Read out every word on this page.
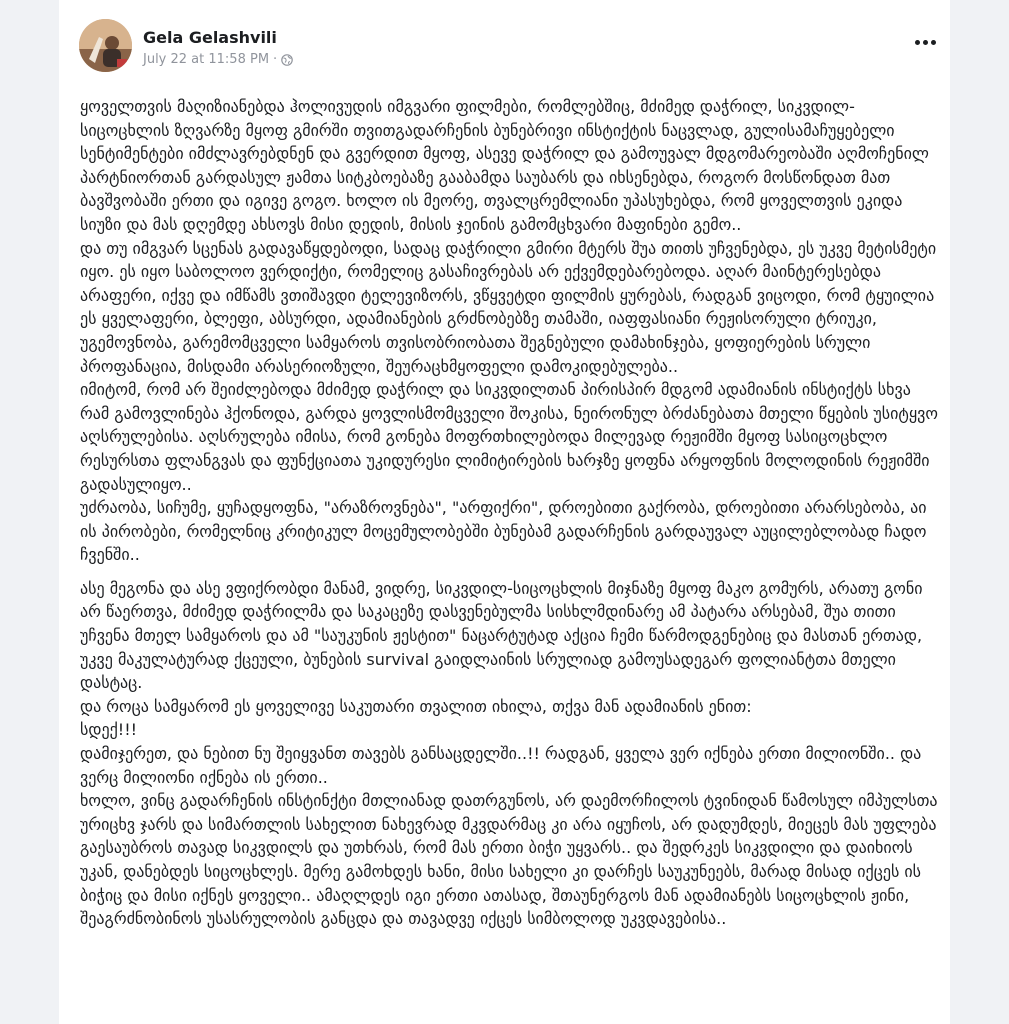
Gela Gelashvili
July 22 at 11:58 PM ·

ყოველთვის მაღიზიანებდა ჰოლივუდის იმგვარი ფილმები, რომლებშიც, მძიმედ დაჭრილ, სიკვდილ-სიცოცხლის ზღვარზე მყოფ გმირში თვითგადარჩენის ბუნებრივი ინსტიქტის ნაცვლად, გულისამაჩუყებელი სენტიმენტები იმძლავრებდნენ და გვერდით მყოფ, ასევე დაჭრილ და გამოუვალ მდგომარეობაში აღმოჩენილ პარტნიორთან გარდასულ ჟამთა სიტკბოებაზე გააბამდა საუბარს და იხსენებდა, როგორ მოსწონდათ მათ ბავშვობაში ერთი და იგივე გოგო. ხოლო ის მეორე, თვალცრემლიანი უპასუხებდა, რომ ყოველთვის ეკიდა სიუზი და მას დღემდე ახსოვს მისი დედის, მისის ჯეინის გამომცხვარი მაფინები გემო..
და თუ იმგვარ სცენას გადავაწყდებოდი, სადაც დაჭრილი გმირი მტერს შუა თითს უჩვენებდა, ეს უკვე მეტისმეტი იყო. ეს იყო საბოლოო ვერდიქტი, რომელიც გასაჩივრებას არ ექვემდებარებოდა. აღარ მაინტერესებდა არაფერი, იქვე და იმწამს ვთიშავდი ტელევიზორს, ვწყვეტდი ფილმის ყურებას, რადგან ვიცოდი, რომ ტყუილია ეს ყველაფერი, ბლეფი, აბსურდი, ადამიანების გრძნობებზე თამაში, იაფფასიანი რეჟისორული ტრიუკი, უგემოვნობა, გარემომცველი სამყაროს თვისობრიობათა შეგნებული დამახინჯება, ყოფიერების სრული პროფანაცია, მისდამი არასერიოზული, შეურაცხმყოფელი დამოკიდებულება..
იმიტომ, რომ არ შეიძლებოდა მძიმედ დაჭრილ და სიკვდილთან პირისპირ მდგომ ადამიანის ინსტიქტს სხვა რამ გამოვლინება ჰქონოდა, გარდა ყოვლისმომცველი შოკისა, ნეირონულ ბრძანებათა მთელი წყების უსიტყვო აღსრულებისა. აღსრულება იმისა, რომ გონება მოფრთხილებოდა მილევად რეჟიმში მყოფ სასიცოცხლო რესურსთა ფლანგვას და ფუნქციათა უკიდურესი ლიმიტირების ხარჯზე ყოფნა არყოფნის მოლოდინის რეჟიმში გადასულიყო..
უძრაობა, სიჩუმე, ყუჩადყოფნა, "არაზროვნება", "არფიქრი", დროებითი გაქრობა, დროებითი არარსებობა, აი ის პირობები, რომელნიც კრიტიკულ მოცემულობებში ბუნებამ გადარჩენის გარდაუვალ აუცილებლობად ჩადო ჩვენში..

ასე მეგონა და ასე ვფიქრობდი მანამ, ვიდრე, სიკვდილ-სიცოცხლის მიჯნაზე მყოფ მაკო გომურს, არათუ გონი არ წაერთვა, მძიმედ დაჭრილმა და საკაცეზე დასვენებულმა სისხლმდინარე ამ პატარა არსებამ, შუა თითი უჩვენა მთელ სამყაროს და ამ "საუკუნის ჟესტით" ნაცარტუტად აქცია ჩემი წარმოდგენებიც და მასთან ერთად, უკვე მაკულატურად ქცეული, ბუნების survival გაიდლაინის სრულიად გამოუსადეგარ ფოლიანტთა მთელი დასტაც.
და როცა სამყარომ ეს ყოველივე საკუთარი თვალით იხილა, თქვა მან ადამიანის ენით:
სდექ!!!
დამიჯერეთ, და ნებით ნუ შეიყვანთ თავებს განსაცდელში..!! რადგან, ყველა ვერ იქნება ერთი მილიონში.. და ვერც მილიონი იქნება ის ერთი..
ხოლო, ვინც გადარჩენის ინსტინქტი მთლიანად დათრგუნოს, არ დაემორჩილოს ტვინიდან წამოსულ იმპულსთა ურიცხვ ჯარს და სიმართლის სახელით ნახევრად მკვდარმაც კი არა იყუჩოს, არ დადუმდეს, მიეცეს მას უფლება გაესაუბროს თავად სიკვდილს და უთხრას, რომ მას ერთი ბიჭი უყვარს.. და შედრკეს სიკვდილი და დაიხიოს უკან, დანებდეს სიცოცხლეს. მერე გამოხდეს ხანი, მისი სახელი კი დარჩეს საუკუნეებს, მარად მისად იქცეს ის ბიჭიც და მისი იქნეს ყოველი.. ამაღლდეს იგი ერთი ათასად, შთაუნერგოს მან ადამიანებს სიცოცხლის ჟინი, შეაგრძნობინოს უსასრულობის განცდა და თავადვე იქცეს სიმბოლოდ უკვდავებისა..
